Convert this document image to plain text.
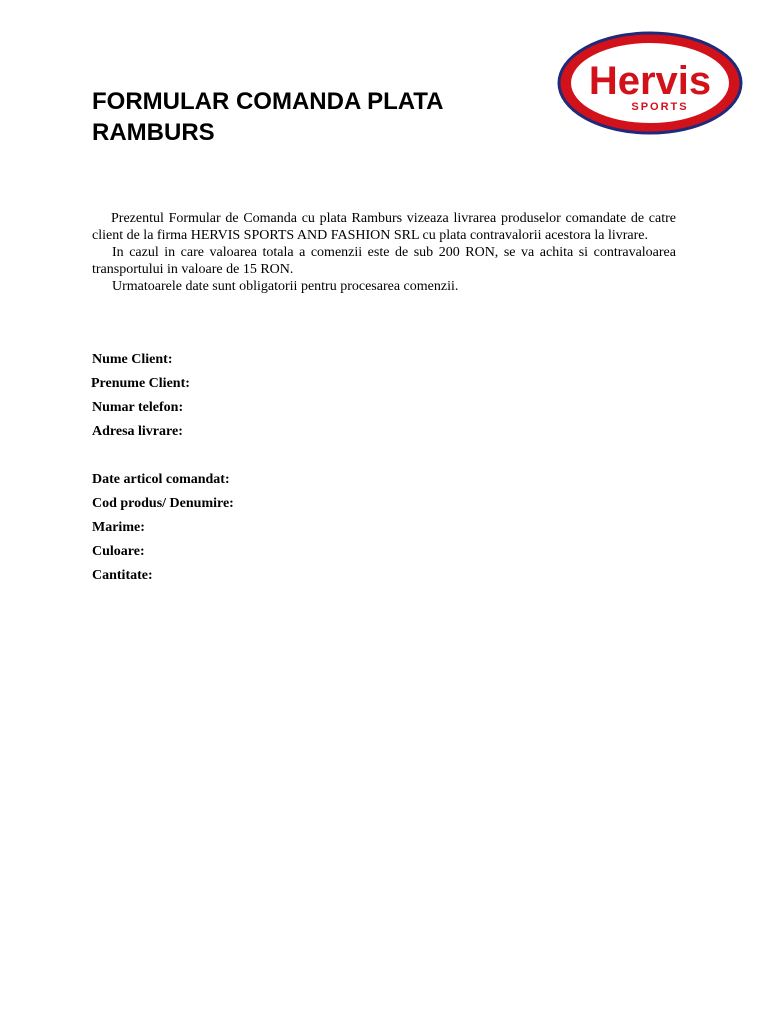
FORMULAR COMANDA PLATA RAMBURS
Hervis
SPORTS

Prezentul Formular de Comanda cu plata Ramburs vizeaza livrarea produselor comandate de catre client de la firma HERVIS SPORTS AND FASHION SRL cu plata contravalorii acestora la livrare.

In cazul in care valoarea totala a comenzii este de sub 200 RON, se va achita si contravaloarea transportului in valoare de 15 RON.

Urmatoarele date sunt obligatorii pentru procesarea comenzii.

Nume Client:
Prenume Client:
Numar telefon:
Adresa livrare:
Date articol comandat:
Cod produs/ Denumire:
Marime:
Culoare:
Cantitate:
